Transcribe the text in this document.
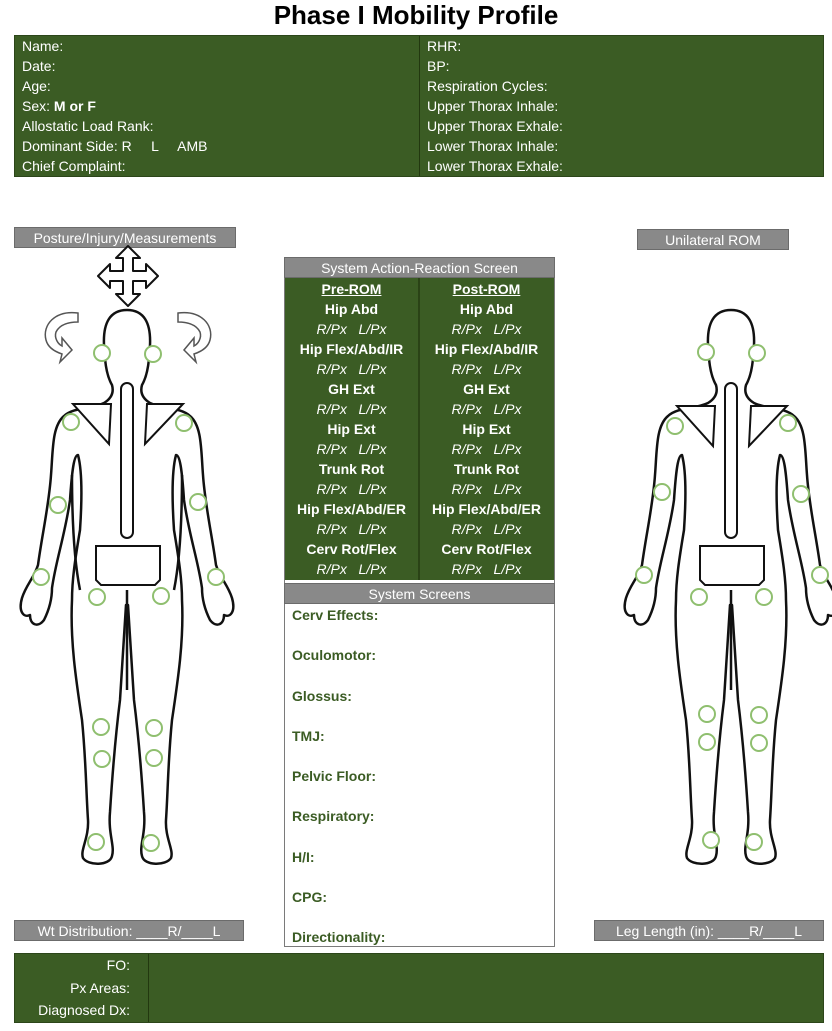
Phase I Mobility Profile
Name:
Date:
Age:
Sex: M or F
Allostatic Load Rank:
Dominant Side: R     L     AMB
Chief Complaint:
RHR:
BP:
Respiration Cycles:
Upper Thorax Inhale:
Upper Thorax Exhale:
Lower Thorax Inhale:
Lower Thorax Exhale:
Posture/Injury/Measurements	Unilateral ROM
System Action-Reaction Screen
Pre-ROM
Hip Abd
R/Px   L/Px
Hip Flex/Abd/IR
R/Px   L/Px
GH Ext
R/Px   L/Px
Hip Ext
R/Px   L/Px
Trunk Rot
R/Px   L/Px
Hip Flex/Abd/ER
R/Px   L/Px
Cerv Rot/Flex
R/Px   L/Px
Post-ROM
Hip Abd
R/Px   L/Px
Hip Flex/Abd/IR
R/Px   L/Px
GH Ext
R/Px   L/Px
Hip Ext
R/Px   L/Px
Trunk Rot
R/Px   L/Px
Hip Flex/Abd/ER
R/Px   L/Px
Cerv Rot/Flex
R/Px   L/Px
System Screens
Cerv Effects:
Oculomotor:
Glossus:
TMJ:
Pelvic Floor:
Respiratory:
H/I:
CPG:
Directionality:
Wt Distribution: ____R/____L	Leg Length (in): ____R/____L
FO:
Px Areas:
Diagnosed Dx:
